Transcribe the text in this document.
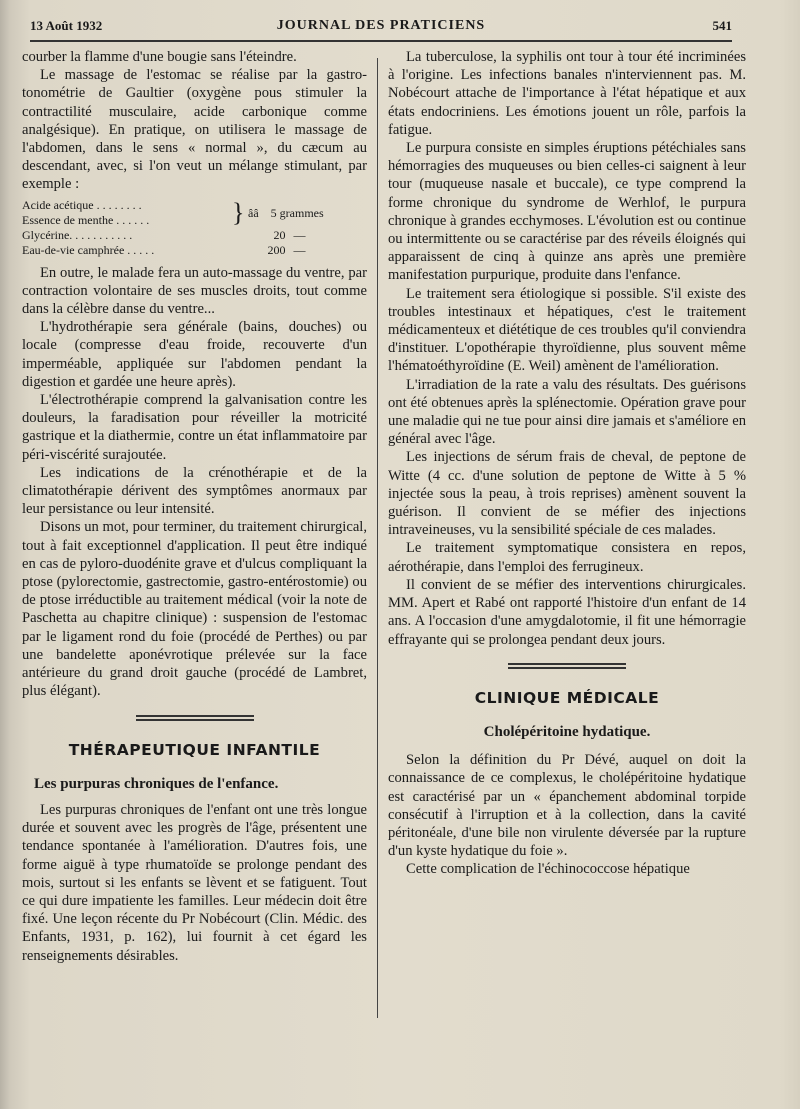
13 Août 1932	JOURNAL DES PRATICIENS	541

courber la flamme d'une bougie sans l'éteindre.

Le massage de l'estomac se réalise par la gastro-tonométrie de Gaultier (oxygène pous stimuler la contractilité musculaire, acide carbonique comme analgésique). En pratique, on utilisera le massage de l'abdomen, dans le sens « normal », du cæcum au descendant, avec, si l'on veut un mélange stimulant, par exemple :

Acide acétique . . . . . . . .
Essence de menthe . . . . . .	} ââ 5 grammes
Glycérine. . . . . . . . . . .	20 —
Eau-de-vie camphrée . . . . .	200 —

En outre, le malade fera un auto-massage du ventre, par contraction volontaire de ses muscles droits, tout comme dans la célèbre danse du ventre...

L'hydrothérapie sera générale (bains, douches) ou locale (compresse d'eau froide, recouverte d'un imperméable, appliquée sur l'abdomen pendant la digestion et gardée une heure après).

L'électrothérapie comprend la galvanisation contre les douleurs, la faradisation pour réveiller la motricité gastrique et la diathermie, contre un état inflammatoire par péri-viscérité surajoutée.

Les indications de la crénothérapie et de la climatothérapie dérivent des symptômes anormaux par leur persistance ou leur intensité.

Disons un mot, pour terminer, du traitement chirurgical, tout à fait exceptionnel d'application. Il peut être indiqué en cas de pyloro-duodénite grave et d'ulcus compliquant la ptose (pylorectomie, gastrectomie, gastro-entérostomie) ou de ptose irréductible au traitement médical (voir la note de Paschetta au chapitre clinique) : suspension de l'estomac par le ligament rond du foie (procédé de Perthes) ou par une bandelette aponévrotique prélevée sur la face antérieure du grand droit gauche (procédé de Lambret, plus élégant).

THÉRAPEUTIQUE INFANTILE
Les purpuras chroniques de l'enfance.

Les purpuras chroniques de l'enfant ont une très longue durée et souvent avec les progrès de l'âge, présentent une tendance spontanée à l'amélioration. D'autres fois, une forme aiguë à type rhumatoïde se prolonge pendant des mois, surtout si les enfants se lèvent et se fatiguent. Tout ce qui dure impatiente les familles. Leur médecin doit être fixé. Une leçon récente du Pr Nobécourt (Clin. Médic. des Enfants, 1931, p. 162), lui fournit à cet égard les renseignements désirables.

La tuberculose, la syphilis ont tour à tour été incriminées à l'origine. Les infections banales n'interviennent pas. M. Nobécourt attache de l'importance à l'état hépatique et aux états endocriniens. Les émotions jouent un rôle, parfois la fatigue.

Le purpura consiste en simples éruptions pétéchiales sans hémorragies des muqueuses ou bien celles-ci saignent à leur tour (muqueuse nasale et buccale), ce type comprend la forme chronique du syndrome de Werhlof, le purpura chronique à grandes ecchymoses. L'évolution est ou continue ou intermittente ou se caractérise par des réveils éloignés qui apparaissent de cinq à quinze ans après une première manifestation purpurique, produite dans l'enfance.

Le traitement sera étiologique si possible. S'il existe des troubles intestinaux et hépatiques, c'est le traitement médicamenteux et diététique de ces troubles qu'il conviendra d'instituer. L'opothérapie thyroïdienne, plus souvent même l'hématoéthyroïdine (E. Weil) amènent de l'amélioration.

L'irradiation de la rate a valu des résultats. Des guérisons ont été obtenues après la splénectomie. Opération grave pour une maladie qui ne tue pour ainsi dire jamais et s'améliore en général avec l'âge.

Les injections de sérum frais de cheval, de peptone de Witte (4 cc. d'une solution de peptone de Witte à 5 % injectée sous la peau, à trois reprises) amènent souvent la guérison. Il convient de se méfier des injections intraveineuses, vu la sensibilité spéciale de ces malades.

Le traitement symptomatique consistera en repos, aérothérapie, dans l'emploi des ferrugineux.

Il convient de se méfier des interventions chirurgicales. MM. Apert et Rabé ont rapporté l'histoire d'un enfant de 14 ans. A l'occasion d'une amygdalotomie, il fit une hémorragie effrayante qui se prolongea pendant deux jours.

CLINIQUE MÉDICALE
Cholépéritoine hydatique.

Selon la définition du Pr Dévé, auquel on doit la connaissance de ce complexus, le cholépéritoine hydatique est caractérisé par un « épanchement abdominal torpide consécutif à l'irruption et à la collection, dans la cavité péritonéale, d'une bile non virulente déversée par la rupture d'un kyste hydatique du foie ».

Cette complication de l'échinococcose hépatique
